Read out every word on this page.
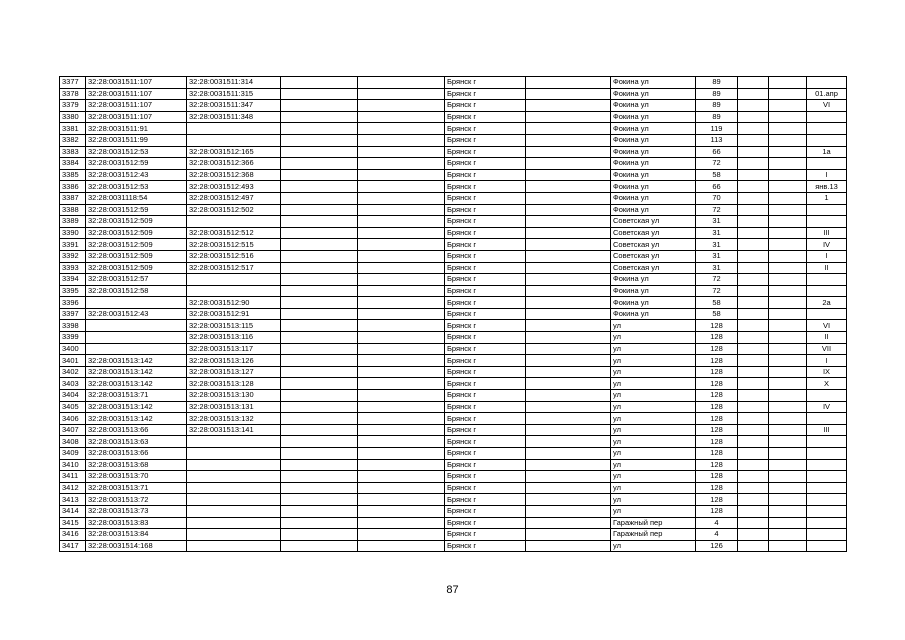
3377	32:28:0031511:107	32:28:0031511:314			Брянск г		Фокина ул	89			
3378	32:28:0031511:107	32:28:0031511:315			Брянск г		Фокина ул	89			01.апр
3379	32:28:0031511:107	32:28:0031511:347			Брянск г		Фокина ул	89			VI
3380	32:28:0031511:107	32:28:0031511:348			Брянск г		Фокина ул	89			
3381	32:28:0031511:91				Брянск г		Фокина ул	119			
3382	32:28:0031511:99				Брянск г		Фокина ул	113			
3383	32:28:0031512:53	32:28:0031512:165			Брянск г		Фокина ул	66			1а
3384	32:28:0031512:59	32:28:0031512:366			Брянск г		Фокина ул	72			
3385	32:28:0031512:43	32:28:0031512:368			Брянск г		Фокина ул	58			I
3386	32:28:0031512:53	32:28:0031512:493			Брянск г		Фокина ул	66			янв.13
3387	32:28:0031118:54	32:28:0031512:497			Брянск г		Фокина ул	70			1
3388	32:28:0031512:59	32:28:0031512:502			Брянск г		Фокина ул	72			
3389	32:28:0031512:509				Брянск г		Советская ул	31			
3390	32:28:0031512:509	32:28:0031512:512			Брянск г		Советская ул	31			III
3391	32:28:0031512:509	32:28:0031512:515			Брянск г		Советская ул	31			IV
3392	32:28:0031512:509	32:28:0031512:516			Брянск г		Советская ул	31			I
3393	32:28:0031512:509	32:28:0031512:517			Брянск г		Советская ул	31			II
3394	32:28:0031512:57				Брянск г		Фокина ул	72			
3395	32:28:0031512:58				Брянск г		Фокина ул	72			
3396		32:28:0031512:90			Брянск г		Фокина ул	58			2а
3397	32:28:0031512:43	32:28:0031512:91			Брянск г		Фокина ул	58			
3398		32:28:0031513:115			Брянск г		ул	128			VI
3399		32:28:0031513:116			Брянск г		ул	128			II
3400		32:28:0031513:117			Брянск г		ул	128			VII
3401	32:28:0031513:142	32:28:0031513:126			Брянск г		ул	128			I
3402	32:28:0031513:142	32:28:0031513:127			Брянск г		ул	128			IX
3403	32:28:0031513:142	32:28:0031513:128			Брянск г		ул	128			X
3404	32:28:0031513:71	32:28:0031513:130			Брянск г		ул	128			
3405	32:28:0031513:142	32:28:0031513:131			Брянск г		ул	128			IV
3406	32:28:0031513:142	32:28:0031513:132			Брянск г		ул	128			
3407	32:28:0031513:66	32:28:0031513:141			Брянск г		ул	128			III
3408	32:28:0031513:63				Брянск г		ул	128			
3409	32:28:0031513:66				Брянск г		ул	128			
3410	32:28:0031513:68				Брянск г		ул	128			
3411	32:28:0031513:70				Брянск г		ул	128			
3412	32:28:0031513:71				Брянск г		ул	128			
3413	32:28:0031513:72				Брянск г		ул	128			
3414	32:28:0031513:73				Брянск г		ул	128			
3415	32:28:0031513:83				Брянск г		Гаражный пер	4			
3416	32:28:0031513:84				Брянск г		Гаражный пер	4			
3417	32:28:0031514:168				Брянск г		ул	126			
87
